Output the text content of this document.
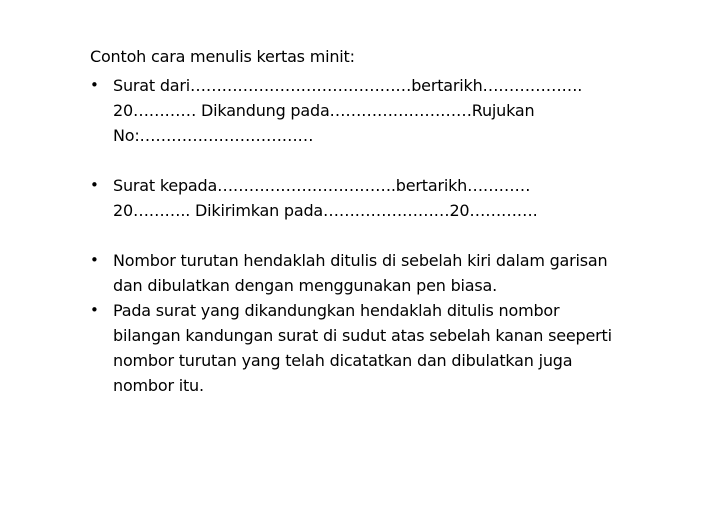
Contoh cara menulis kertas minit:
• Surat dari……………………………………bertarikh……………….
20………… Dikandung pada………………………Rujukan
No:……………………………
• Surat kepada…………………………….bertarikh…………
20……….. Dikirimkan pada……………………20………….
• Nombor turutan hendaklah ditulis di sebelah kiri dalam garisan
dan dibulatkan dengan menggunakan pen biasa.
• Pada surat yang dikandungkan hendaklah ditulis nombor
bilangan kandungan surat di sudut atas sebelah kanan seeperti
nombor turutan yang telah dicatatkan dan dibulatkan juga
nombor itu.
